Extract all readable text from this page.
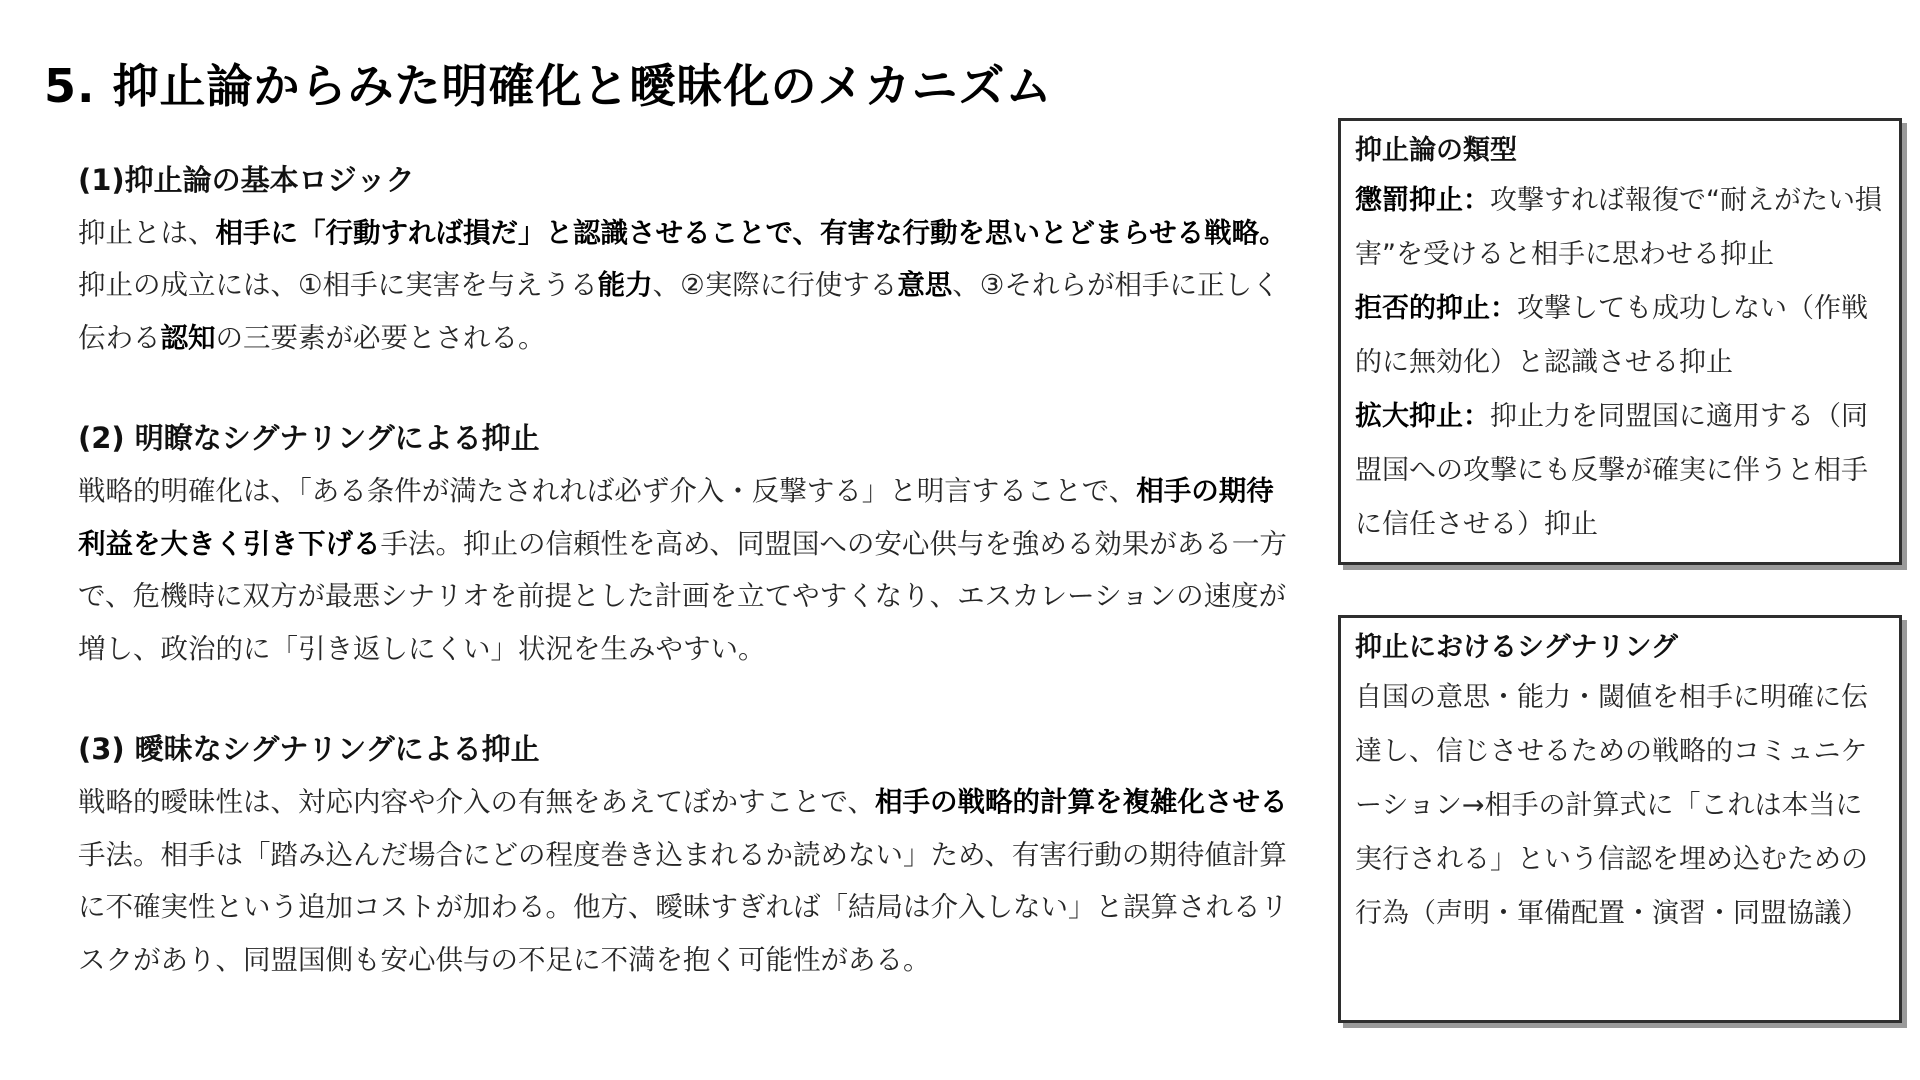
5. 抑止論からみた明確化と曖昧化のメカニズム
(1)抑止論の基本ロジック

抑止とは、相手に「行動すれば損だ」と認識させることで、有害な行動を思いとどまらせる戦略。抑止の成立には、①相手に実害を与えうる能力、②実際に行使する意思、③それらが相手に正しく伝わる認知の三要素が必要とされる。

(2) 明瞭なシグナリングによる抑止

戦略的明確化は、「ある条件が満たされれば必ず介入・反撃する」と明言することで、相手の期待利益を大きく引き下げる手法。抑止の信頼性を高め、同盟国への安心供与を強める効果がある一方で、危機時に双方が最悪シナリオを前提とした計画を立てやすくなり、エスカレーションの速度が増し、政治的に「引き返しにくい」状況を生みやすい。

(3) 曖昧なシグナリングによる抑止

戦略的曖昧性は、対応内容や介入の有無をあえてぼかすことで、相手の戦略的計算を複雑化させる手法。相手は「踏み込んだ場合にどの程度巻き込まれるか読めない」ため、有害行動の期待値計算に不確実性という追加コストが加わる。他方、曖昧すぎれば「結局は介入しない」と誤算されるリスクがあり、同盟国側も安心供与の不足に不満を抱く可能性がある。

抑止論の類型

懲罰抑止：攻撃すれば報復で“耐えがたい損害”を受けると相手に思わせる抑止

拒否的抑止：攻撃しても成功しない（作戦的に無効化）と認識させる抑止

拡大抑止：抑止力を同盟国に適用する（同盟国への攻撃にも反撃が確実に伴うと相手に信任させる）抑止

抑止におけるシグナリング

自国の意思・能力・閾値を相手に明確に伝達し、信じさせるための戦略的コミュニケーション→相手の計算式に「これは本当に実行される」という信認を埋め込むための行為（声明・軍備配置・演習・同盟協議）
